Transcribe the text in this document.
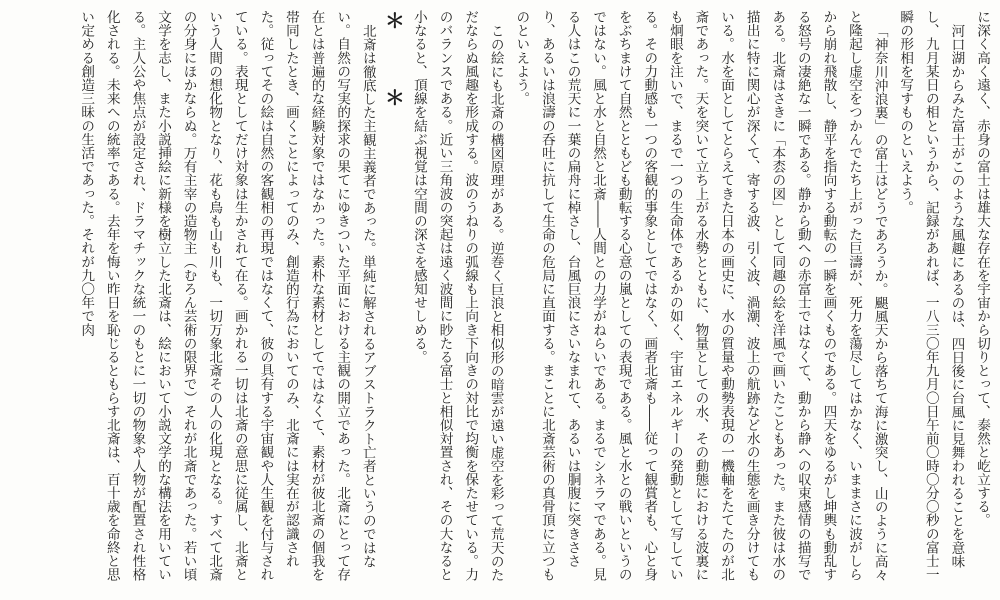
に深く高く遠く、赤身の富士は雄大な存在を宇宙から切りとって、泰然と屹立する。

河口湖からみた富士がこのような風趣にあるのは、四日後に台風に見舞われることを意味し、九月某日の相というから、記録があれば、一八三〇年九月〇日午前〇時〇分〇秒の富士一瞬の形相を写すものといえよう。

「神奈川沖浪裏」の富士はどうであろうか。颶風天から落ちて海に激突し、山のように高々と隆起し虚空をつかんでたち上がった巨濤が、死力を蕩尽してはかなく、いままさに波がしらから崩れ飛散し、静平を指向する動転の一瞬を画くものである。四天をゆるがし坤輿も動乱する怒号の凄絶な一瞬である。静から動への赤富士ではなくて、動から静への収束感情の描写である。北斎はさきに「本枩の図」として同趣の絵を洋風で画いたこともあった。また彼は水の描出に特に関心が深くて、寄する波、引く波、渦潮、波上の航跡など水の生態を画き分けてもいる。水を面としてとらえてきた日本の画史に、水の質量や動勢表現の一機軸をたてたのが北斎であった。天を突いて立ち上がる水勢とともに、物量としての水、その動態における波裏にも炯眼を注いで、まるで一つの生命体であるかの如く、宇宙エネルギーの発動として写している。その力動感も一つの客観的事象としてではなく、画者北斎も――従って観賞者も、心と身をぶちまけて自然とともども動転する心意の嵐としての表現である。風と水との戦いというのではない。風と水と自然と北斎――人間との力学がねらいである。まるでシネラマである。見る人はこの荒天に一葉の扁舟に棹さし、台風巨浪にさいなまれて、あるいは胴腹に突きささり、あるいは浪濤の呑吐に抗して生命の危局に直面する。まことに北斎芸術の真骨頂に立つものといえよう。

この絵にも北斎の構図原理がある。逆巻く巨浪と相似形の暗雲が遠い虚空を彩って荒天のただならぬ風趣を形成する。波のうねりの弧線も上向き下向きの対比で均衡を保たせている。力のバランスである。近い三角波の突起は遠く波間に眇たる富士と相似対置され、その大なると小なると、頂線を結ぶ視覚は空間の深さを感知せしめる。

＊ ＊

北斎は徹底した主観主義者であった。単純に解されるアブストラクト亡者というのではない。自然の写実的探求の果てにゆきついた平面における主観の開立であった。北斎にとって存在とは普遍的な経験対象ではなかった。素朴な素材としてではなくて、素材が彼北斎の個我を帯同したとき、画くことによってのみ、創造的行為においてのみ、北斎には実在が認識された。従ってその絵は自然の客観相の再現ではなくて、彼の具有する宇宙観や人生観を付与されている。表現としてだけ対象は生かされて在る。画かれる一切は北斎の意思に従属し、北斎という人間の想化物となり、花も鳥も山も川も、一切万象北斎その人の化現となる。すべて北斎の分身にほかならぬ。万有主宰の造物主（むろん芸術の限界で）それが北斎であった。若い頃文学を志し、また小説挿絵に新様を樹立した北斎は、絵において小説文学的な構法を用いている。主人公や焦点が設定され、ドラマチックな統一のもとに一切の物象や人物が配置され性格化される。未来への統率である。去年を悔い昨日を恥じるともらす北斎は、百十歳を命終と思い定める創造三昧の生活であった。それが九〇年で肉
